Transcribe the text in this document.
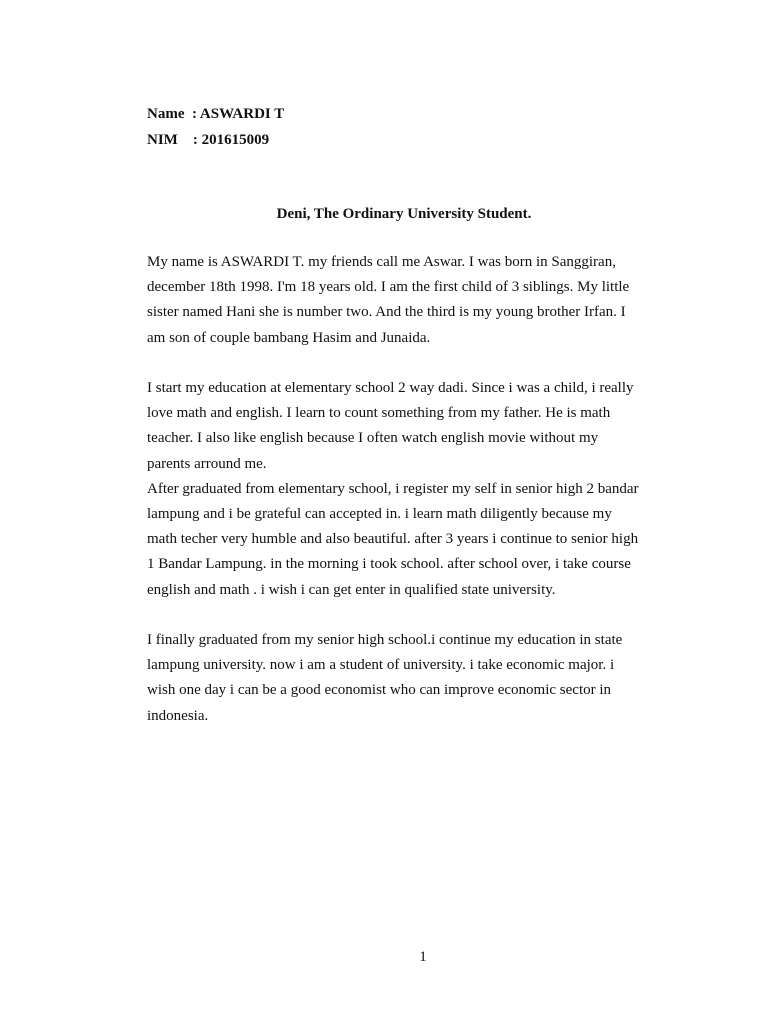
Name : ASWARDI T
NIM : 201615009
Deni, The Ordinary University Student.

My name is ASWARDI T. my friends call me Aswar. I was born in Sanggiran,
december 18th 1998. I'm 18 years old. I am the first child of 3 siblings. My little
sister named Hani she is number two. And the third is my young brother Irfan. I
am son of couple bambang Hasim and Junaida.

I start my education at elementary school 2 way dadi. Since i was a child, i really
love math and english. I learn to count something from my father. He is math
teacher. I also like english because I often watch english movie without my
parents arround me.

After graduated from elementary school, i register my self in senior high 2 bandar
lampung and i be grateful can accepted in. i learn math diligently because my
math techer very humble and also beautiful. after 3 years i continue to senior high
1 Bandar Lampung. in the morning i took school. after school over, i take course
english and math . i wish i can get enter in qualified state university.

I finally graduated from my senior high school.i continue my education in state
lampung university. now i am a student of university. i take economic major. i
wish one day i can be a good economist who can improve economic sector in
indonesia.

1
